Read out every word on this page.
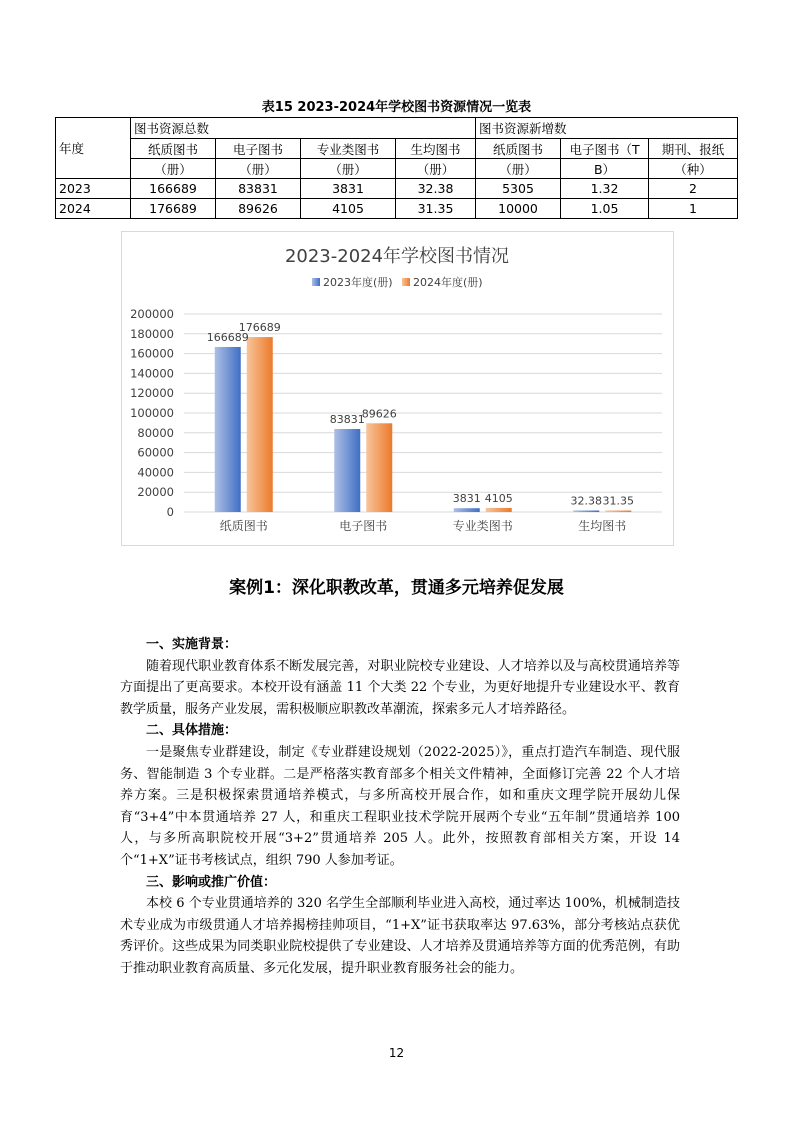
表15 2023-2024年学校图书资源情况一览表
年度	图书资源总数				图书资源新增数		
	纸质图书	电子图书	专业类图书	生均图书	纸质图书	电子图书（T	期刊、报纸
	（册）	（册）	（册）	（册）	（册）	B）	（种）
2023	166689	83831	3831	32.38	5305	1.32	2
2024	176689	89626	4105	31.35	10000	1.05	1
2023-2024年学校图书情况
2023年度(册) 2024年度(册)
0
20000
40000
60000
80000
100000
120000
140000
160000
180000
200000
166689
176689
纸质图书
83831
89626
电子图书
3831 4105
专业类图书
32.38 31.35
生均图书
案例1：深化职教改革，贯通多元培养促发展

一、实施背景：

随着现代职业教育体系不断发展完善，对职业院校专业建设、人才培养以及与高校贯通培养等方面提出了更高要求。本校开设有涵盖 11 个大类 22 个专业，为更好地提升专业建设水平、教育教学质量，服务产业发展，需积极顺应职教改革潮流，探索多元人才培养路径。

二、具体措施：

一是聚焦专业群建设，制定《专业群建设规划（2022-2025）》，重点打造汽车制造、现代服务、智能制造 3 个专业群。二是严格落实教育部多个相关文件精神，全面修订完善 22 个人才培养方案。三是积极探索贯通培养模式，与多所高校开展合作，如和重庆文理学院开展幼儿保育“3+4”中本贯通培养 27 人，和重庆工程职业技术学院开展两个专业“五年制”贯通培养 100 人，与多所高职院校开展“3+2”贯通培养 205 人。此外，按照教育部相关方案，开设 14 个“1+X”证书考核试点，组织 790 人参加考证。

三、影响或推广价值：

本校 6 个专业贯通培养的 320 名学生全部顺利毕业进入高校，通过率达 100%，机械制造技术专业成为市级贯通人才培养揭榜挂帅项目，“1+X”证书获取率达 97.63%，部分考核站点获优秀评价。这些成果为同类职业院校提供了专业建设、人才培养及贯通培养等方面的优秀范例，有助于推动职业教育高质量、多元化发展，提升职业教育服务社会的能力。

12
